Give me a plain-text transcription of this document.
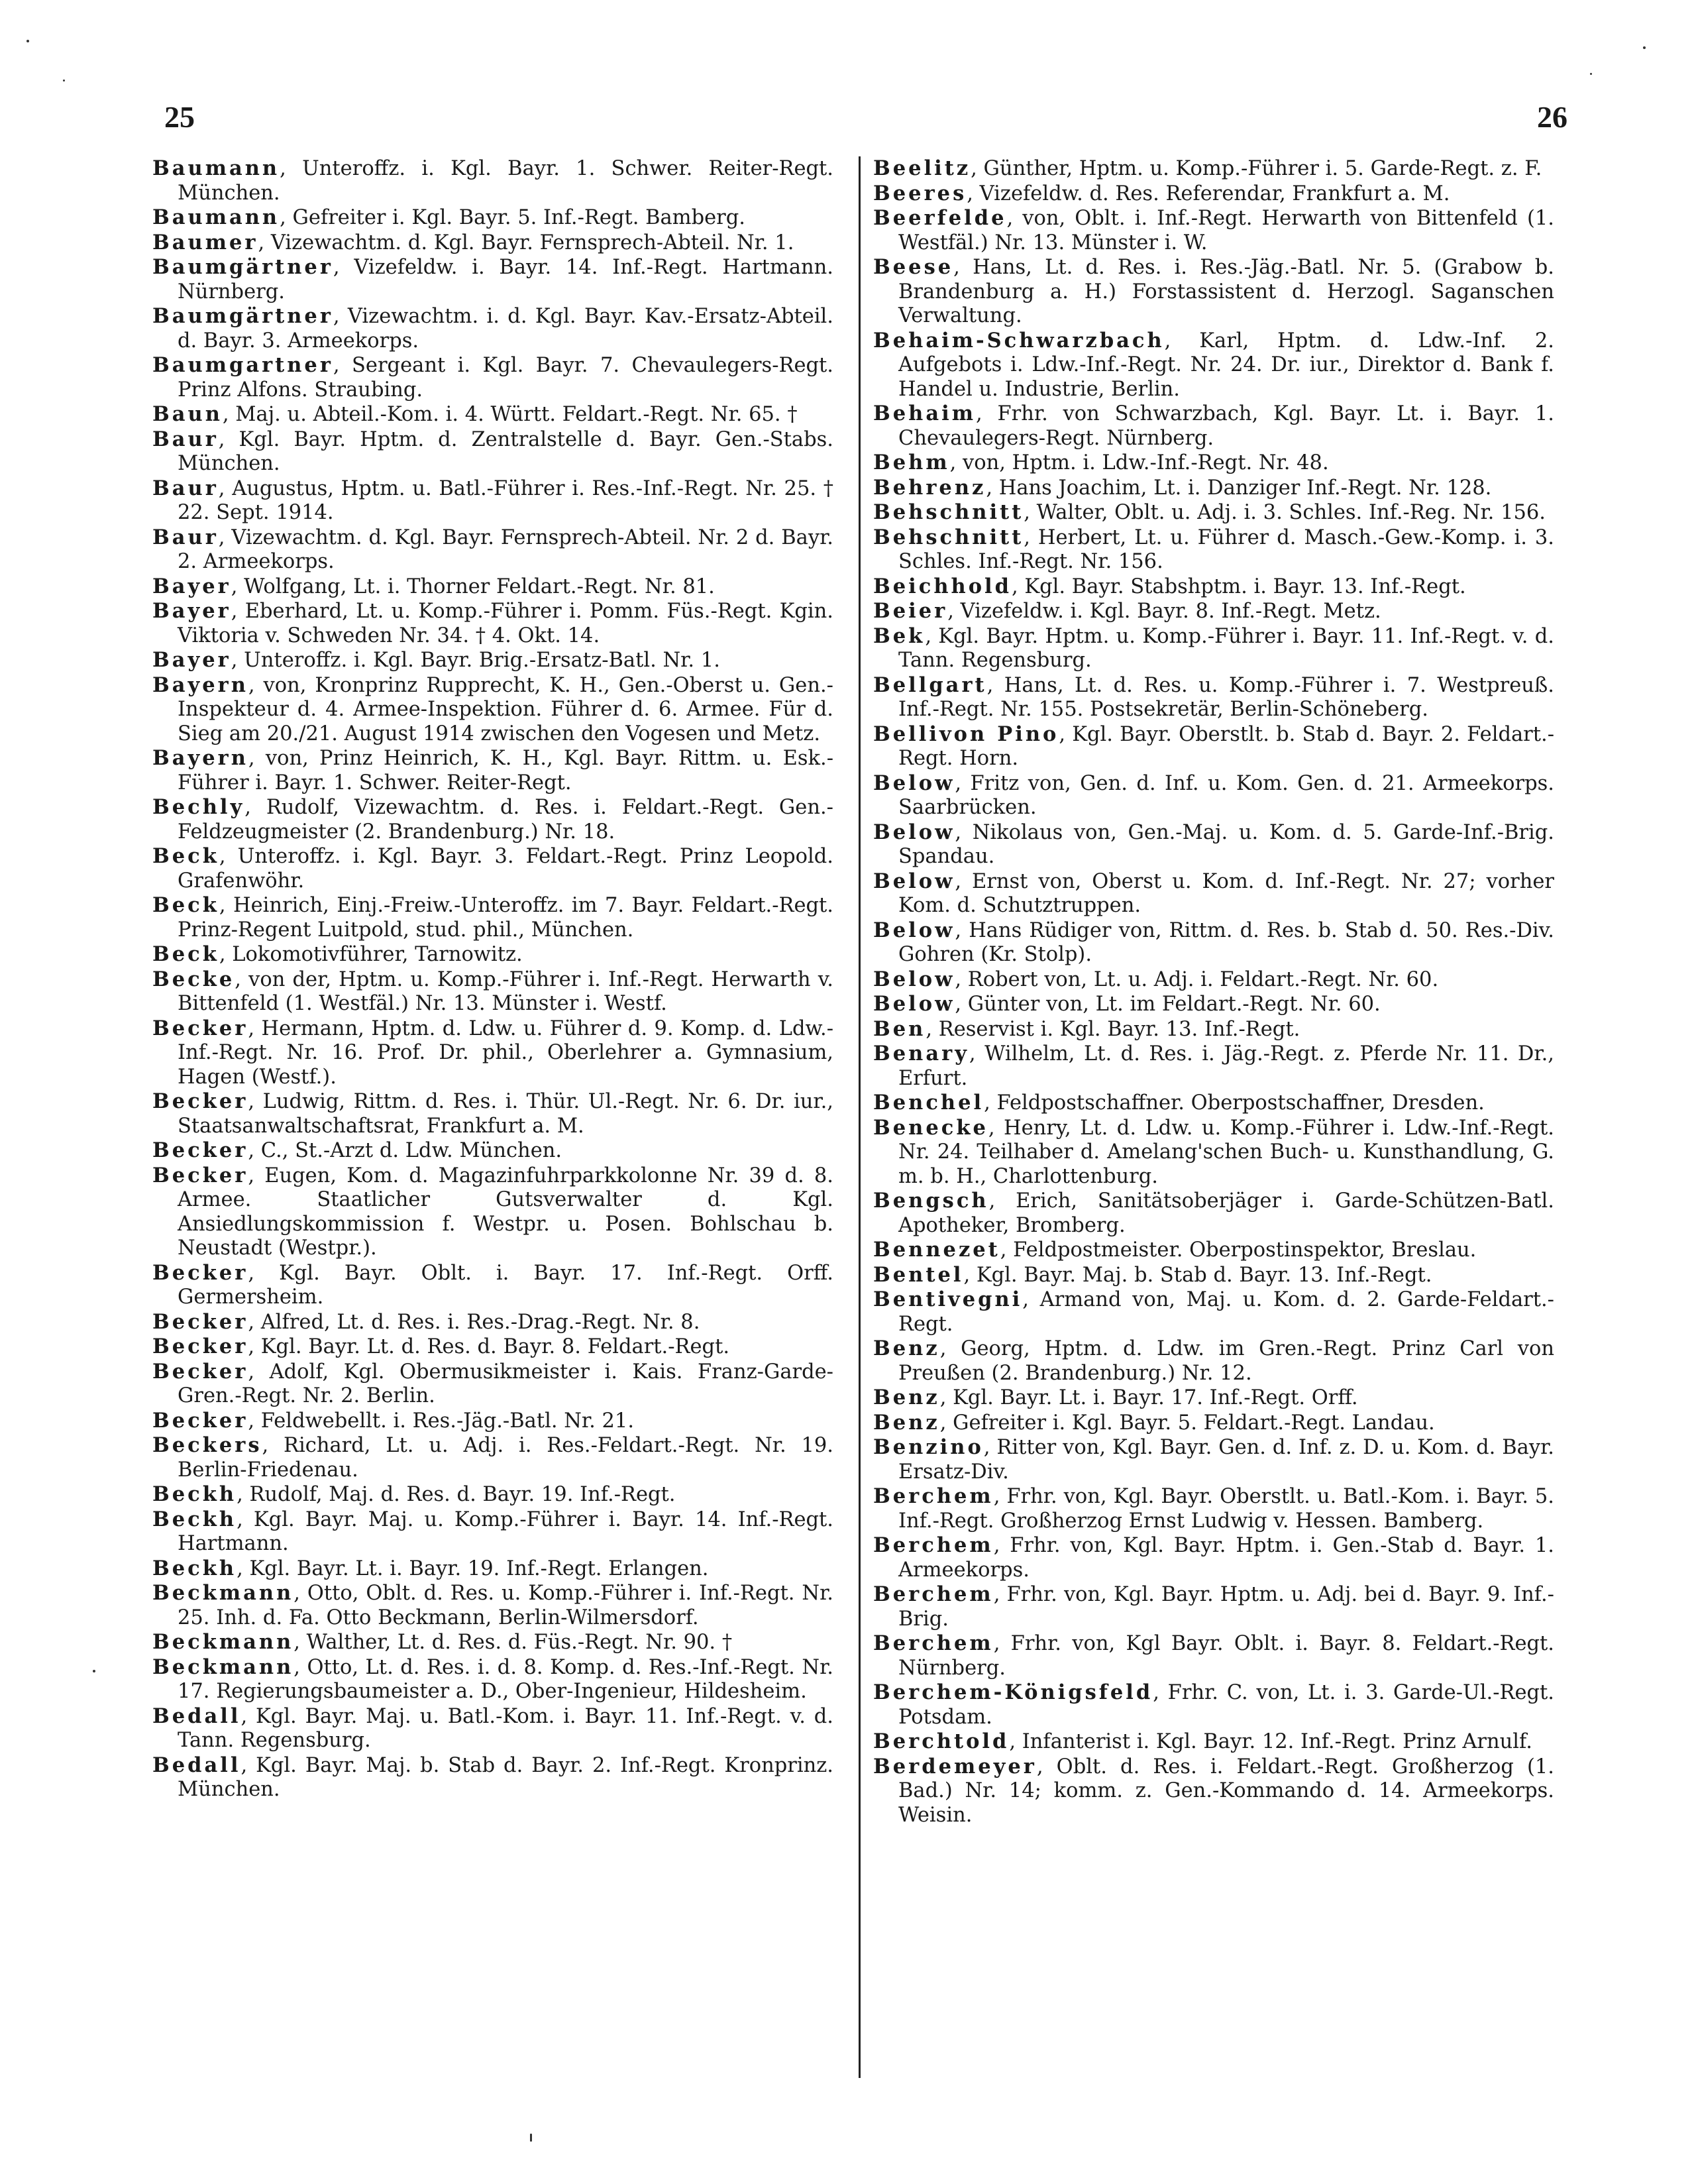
25	26

Baumann, Unteroffz. i. Kgl. Bayr. 1. Schwer. Reiter-Regt. München.

Baumann, Gefreiter i. Kgl. Bayr. 5. Inf.-Regt. Bamberg.

Baumer, Vizewachtm. d. Kgl. Bayr. Fernsprech-Abteil. Nr. 1.

Baumgärtner, Vizefeldw. i. Bayr. 14. Inf.-Regt. Hartmann. Nürnberg.

Baumgärtner, Vizewachtm. i. d. Kgl. Bayr. Kav.-Ersatz-Abteil. d. Bayr. 3. Armeekorps.

Baumgartner, Sergeant i. Kgl. Bayr. 7. Chevaulegers-Regt. Prinz Alfons. Straubing.

Baun, Maj. u. Abteil.-Kom. i. 4. Württ. Feldart.-Regt. Nr. 65. †

Baur, Kgl. Bayr. Hptm. d. Zentralstelle d. Bayr. Gen.-Stabs. München.

Baur, Augustus, Hptm. u. Batl.-Führer i. Res.-Inf.-Regt. Nr. 25. † 22. Sept. 1914.

Baur, Vizewachtm. d. Kgl. Bayr. Fernsprech-Abteil. Nr. 2 d. Bayr. 2. Armeekorps.

Bayer, Wolfgang, Lt. i. Thorner Feldart.-Regt. Nr. 81.

Bayer, Eberhard, Lt. u. Komp.-Führer i. Pomm. Füs.-Regt. Kgin. Viktoria v. Schweden Nr. 34. † 4. Okt. 14.

Bayer, Unteroffz. i. Kgl. Bayr. Brig.-Ersatz-Batl. Nr. 1.

Bayern, von, Kronprinz Rupprecht, K. H., Gen.-Oberst u. Gen.-Inspekteur d. 4. Armee-Inspektion. Führer d. 6. Armee. Für d. Sieg am 20./21. August 1914 zwischen den Vogesen und Metz.

Bayern, von, Prinz Heinrich, K. H., Kgl. Bayr. Rittm. u. Esk.-Führer i. Bayr. 1. Schwer. Reiter-Regt.

Bechly, Rudolf, Vizewachtm. d. Res. i. Feldart.-Regt. Gen.-Feldzeugmeister (2. Brandenburg.) Nr. 18.

Beck, Unteroffz. i. Kgl. Bayr. 3. Feldart.-Regt. Prinz Leopold. Grafenwöhr.

Beck, Heinrich, Einj.-Freiw.-Unteroffz. im 7. Bayr. Feldart.-Regt. Prinz-Regent Luitpold, stud. phil., München.

Beck, Lokomotivführer, Tarnowitz.

Becke, von der, Hptm. u. Komp.-Führer i. Inf.-Regt. Herwarth v. Bittenfeld (1. Westfäl.) Nr. 13. Münster i. Westf.

Becker, Hermann, Hptm. d. Ldw. u. Führer d. 9. Komp. d. Ldw.-Inf.-Regt. Nr. 16. Prof. Dr. phil., Oberlehrer a. Gymnasium, Hagen (Westf.).

Becker, Ludwig, Rittm. d. Res. i. Thür. Ul.-Regt. Nr. 6. Dr. iur., Staatsanwaltschaftsrat, Frankfurt a. M.

Becker, C., St.-Arzt d. Ldw. München.

Becker, Eugen, Kom. d. Magazinfuhrparkkolonne Nr. 39 d. 8. Armee. Staatlicher Gutsverwalter d. Kgl. Ansiedlungskommission f. Westpr. u. Posen. Bohlschau b. Neustadt (Westpr.).

Becker, Kgl. Bayr. Oblt. i. Bayr. 17. Inf.-Regt. Orff. Germersheim.

Becker, Alfred, Lt. d. Res. i. Res.-Drag.-Regt. Nr. 8.

Becker, Kgl. Bayr. Lt. d. Res. d. Bayr. 8. Feldart.-Regt.

Becker, Adolf, Kgl. Obermusikmeister i. Kais. Franz-Garde-Gren.-Regt. Nr. 2. Berlin.

Becker, Feldwebellt. i. Res.-Jäg.-Batl. Nr. 21.

Beckers, Richard, Lt. u. Adj. i. Res.-Feldart.-Regt. Nr. 19. Berlin-Friedenau.

Beckh, Rudolf, Maj. d. Res. d. Bayr. 19. Inf.-Regt.

Beckh, Kgl. Bayr. Maj. u. Komp.-Führer i. Bayr. 14. Inf.-Regt. Hartmann.

Beckh, Kgl. Bayr. Lt. i. Bayr. 19. Inf.-Regt. Erlangen.

Beckmann, Otto, Oblt. d. Res. u. Komp.-Führer i. Inf.-Regt. Nr. 25. Inh. d. Fa. Otto Beckmann, Berlin-Wilmersdorf.

Beckmann, Walther, Lt. d. Res. d. Füs.-Regt. Nr. 90. †

Beckmann, Otto, Lt. d. Res. i. d. 8. Komp. d. Res.-Inf.-Regt. Nr. 17. Regierungsbaumeister a. D., Ober-Ingenieur, Hildesheim.

Bedall, Kgl. Bayr. Maj. u. Batl.-Kom. i. Bayr. 11. Inf.-Regt. v. d. Tann. Regensburg.

Bedall, Kgl. Bayr. Maj. b. Stab d. Bayr. 2. Inf.-Regt. Kronprinz. München.

Beelitz, Günther, Hptm. u. Komp.-Führer i. 5. Garde-Regt. z. F.

Beeres, Vizefeldw. d. Res. Referendar, Frankfurt a. M.

Beerfelde, von, Oblt. i. Inf.-Regt. Herwarth von Bittenfeld (1. Westfäl.) Nr. 13. Münster i. W.

Beese, Hans, Lt. d. Res. i. Res.-Jäg.-Batl. Nr. 5. (Grabow b. Brandenburg a. H.) Forstassistent d. Herzogl. Saganschen Verwaltung.

Behaim-Schwarzbach, Karl, Hptm. d. Ldw.-Inf. 2. Aufgebots i. Ldw.-Inf.-Regt. Nr. 24. Dr. iur., Direktor d. Bank f. Handel u. Industrie, Berlin.

Behaim, Frhr. von Schwarzbach, Kgl. Bayr. Lt. i. Bayr. 1. Chevaulegers-Regt. Nürnberg.

Behm, von, Hptm. i. Ldw.-Inf.-Regt. Nr. 48.

Behrenz, Hans Joachim, Lt. i. Danziger Inf.-Regt. Nr. 128.

Behschnitt, Walter, Oblt. u. Adj. i. 3. Schles. Inf.-Reg. Nr. 156.

Behschnitt, Herbert, Lt. u. Führer d. Masch.-Gew.-Komp. i. 3. Schles. Inf.-Regt. Nr. 156.

Beichhold, Kgl. Bayr. Stabshptm. i. Bayr. 13. Inf.-Regt.

Beier, Vizefeldw. i. Kgl. Bayr. 8. Inf.-Regt. Metz.

Bek, Kgl. Bayr. Hptm. u. Komp.-Führer i. Bayr. 11. Inf.-Regt. v. d. Tann. Regensburg.

Bellgart, Hans, Lt. d. Res. u. Komp.-Führer i. 7. Westpreuß. Inf.-Regt. Nr. 155. Postsekretär, Berlin-Schöneberg.

Bellivon Pino, Kgl. Bayr. Oberstlt. b. Stab d. Bayr. 2. Feldart.-Regt. Horn.

Below, Fritz von, Gen. d. Inf. u. Kom. Gen. d. 21. Armeekorps. Saarbrücken.

Below, Nikolaus von, Gen.-Maj. u. Kom. d. 5. Garde-Inf.-Brig. Spandau.

Below, Ernst von, Oberst u. Kom. d. Inf.-Regt. Nr. 27; vorher Kom. d. Schutztruppen.

Below, Hans Rüdiger von, Rittm. d. Res. b. Stab d. 50. Res.-Div. Gohren (Kr. Stolp).

Below, Robert von, Lt. u. Adj. i. Feldart.-Regt. Nr. 60.

Below, Günter von, Lt. im Feldart.-Regt. Nr. 60.

Ben, Reservist i. Kgl. Bayr. 13. Inf.-Regt.

Benary, Wilhelm, Lt. d. Res. i. Jäg.-Regt. z. Pferde Nr. 11. Dr., Erfurt.

Benchel, Feldpostschaffner. Oberpostschaffner, Dresden.

Benecke, Henry, Lt. d. Ldw. u. Komp.-Führer i. Ldw.-Inf.-Regt. Nr. 24. Teilhaber d. Amelang'schen Buch- u. Kunsthandlung, G. m. b. H., Charlottenburg.

Bengsch, Erich, Sanitätsoberjäger i. Garde-Schützen-Batl. Apotheker, Bromberg.

Bennezet, Feldpostmeister. Oberpostinspektor, Breslau.

Bentel, Kgl. Bayr. Maj. b. Stab d. Bayr. 13. Inf.-Regt.

Bentivegni, Armand von, Maj. u. Kom. d. 2. Garde-Feldart.-Regt.

Benz, Georg, Hptm. d. Ldw. im Gren.-Regt. Prinz Carl von Preußen (2. Brandenburg.) Nr. 12.

Benz, Kgl. Bayr. Lt. i. Bayr. 17. Inf.-Regt. Orff.

Benz, Gefreiter i. Kgl. Bayr. 5. Feldart.-Regt. Landau.

Benzino, Ritter von, Kgl. Bayr. Gen. d. Inf. z. D. u. Kom. d. Bayr. Ersatz-Div.

Berchem, Frhr. von, Kgl. Bayr. Oberstlt. u. Batl.-Kom. i. Bayr. 5. Inf.-Regt. Großherzog Ernst Ludwig v. Hessen. Bamberg.

Berchem, Frhr. von, Kgl. Bayr. Hptm. i. Gen.-Stab d. Bayr. 1. Armeekorps.

Berchem, Frhr. von, Kgl. Bayr. Hptm. u. Adj. bei d. Bayr. 9. Inf.-Brig.

Berchem, Frhr. von, Kgl Bayr. Oblt. i. Bayr. 8. Feldart.-Regt. Nürnberg.

Berchem-Königsfeld, Frhr. C. von, Lt. i. 3. Garde-Ul.-Regt. Potsdam.

Berchtold, Infanterist i. Kgl. Bayr. 12. Inf.-Regt. Prinz Arnulf.

Berdemeyer, Oblt. d. Res. i. Feldart.-Regt. Großherzog (1. Bad.) Nr. 14; komm. z. Gen.-Kommando d. 14. Armeekorps. Weisin.
